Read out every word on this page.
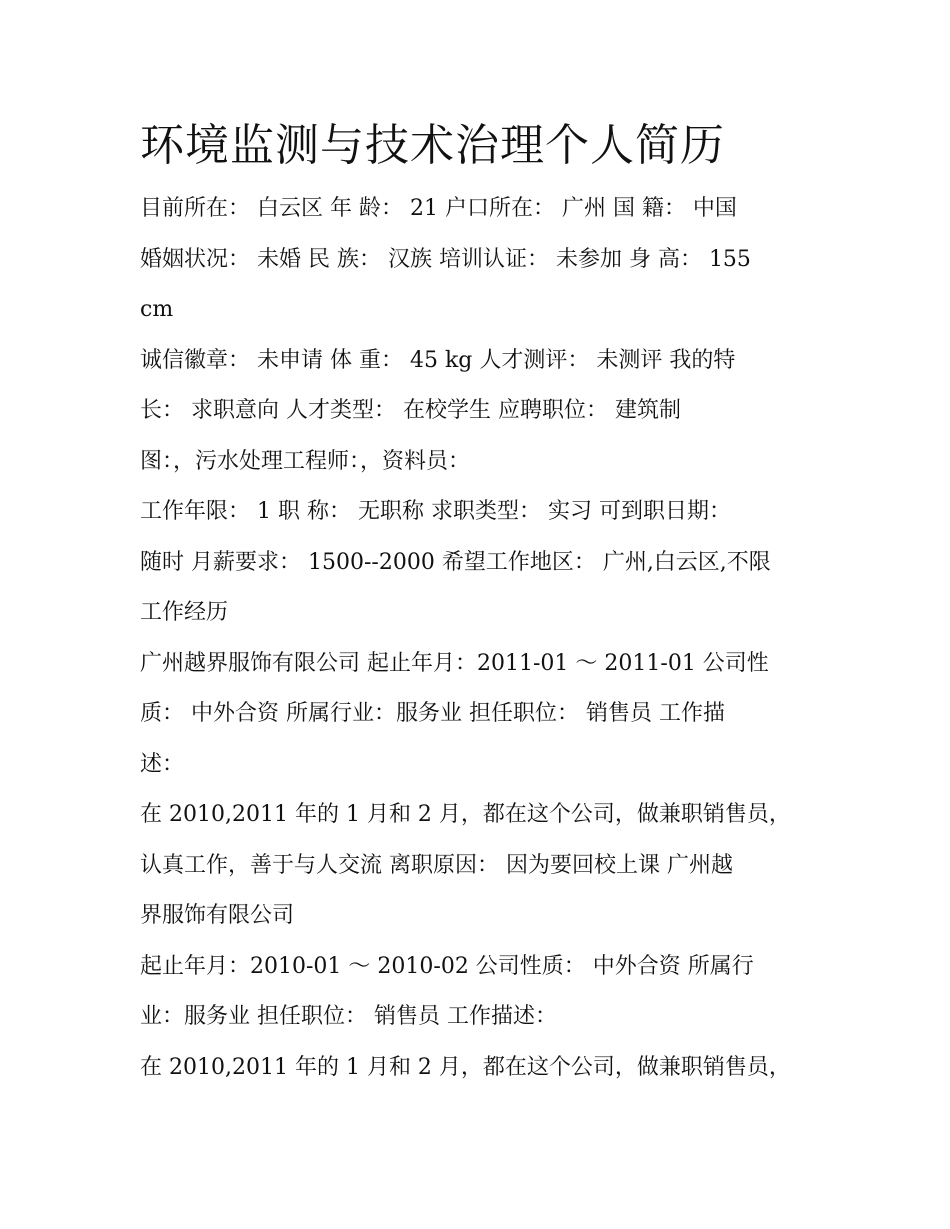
环境监测与技术治理个人简历
目前所在： 白云区 年 龄： 21 户口所在： 广州 国 籍： 中国
婚姻状况： 未婚 民 族： 汉族 培训认证： 未参加 身 高： 155
cm
诚信徽章： 未申请 体 重： 45 kg 人才测评： 未测评 我的特
长： 求职意向 人才类型： 在校学生 应聘职位： 建筑制
图：，污水处理工程师：，资料员：
工作年限： 1 职 称： 无职称 求职类型： 实习 可到职日期：
随时 月薪要求： 1500--2000 希望工作地区： 广州,白云区,不限
工作经历
广州越界服饰有限公司 起止年月：2011-01 ～ 2011-01 公司性
质： 中外合资 所属行业：服务业 担任职位： 销售员 工作描
述：
在 2010,2011 年的 1 月和 2 月，都在这个公司，做兼职销售员，
认真工作，善于与人交流 离职原因： 因为要回校上课 广州越
界服饰有限公司
起止年月：2010-01 ～ 2010-02 公司性质： 中外合资 所属行
业：服务业 担任职位： 销售员 工作描述：
在 2010,2011 年的 1 月和 2 月，都在这个公司，做兼职销售员，
